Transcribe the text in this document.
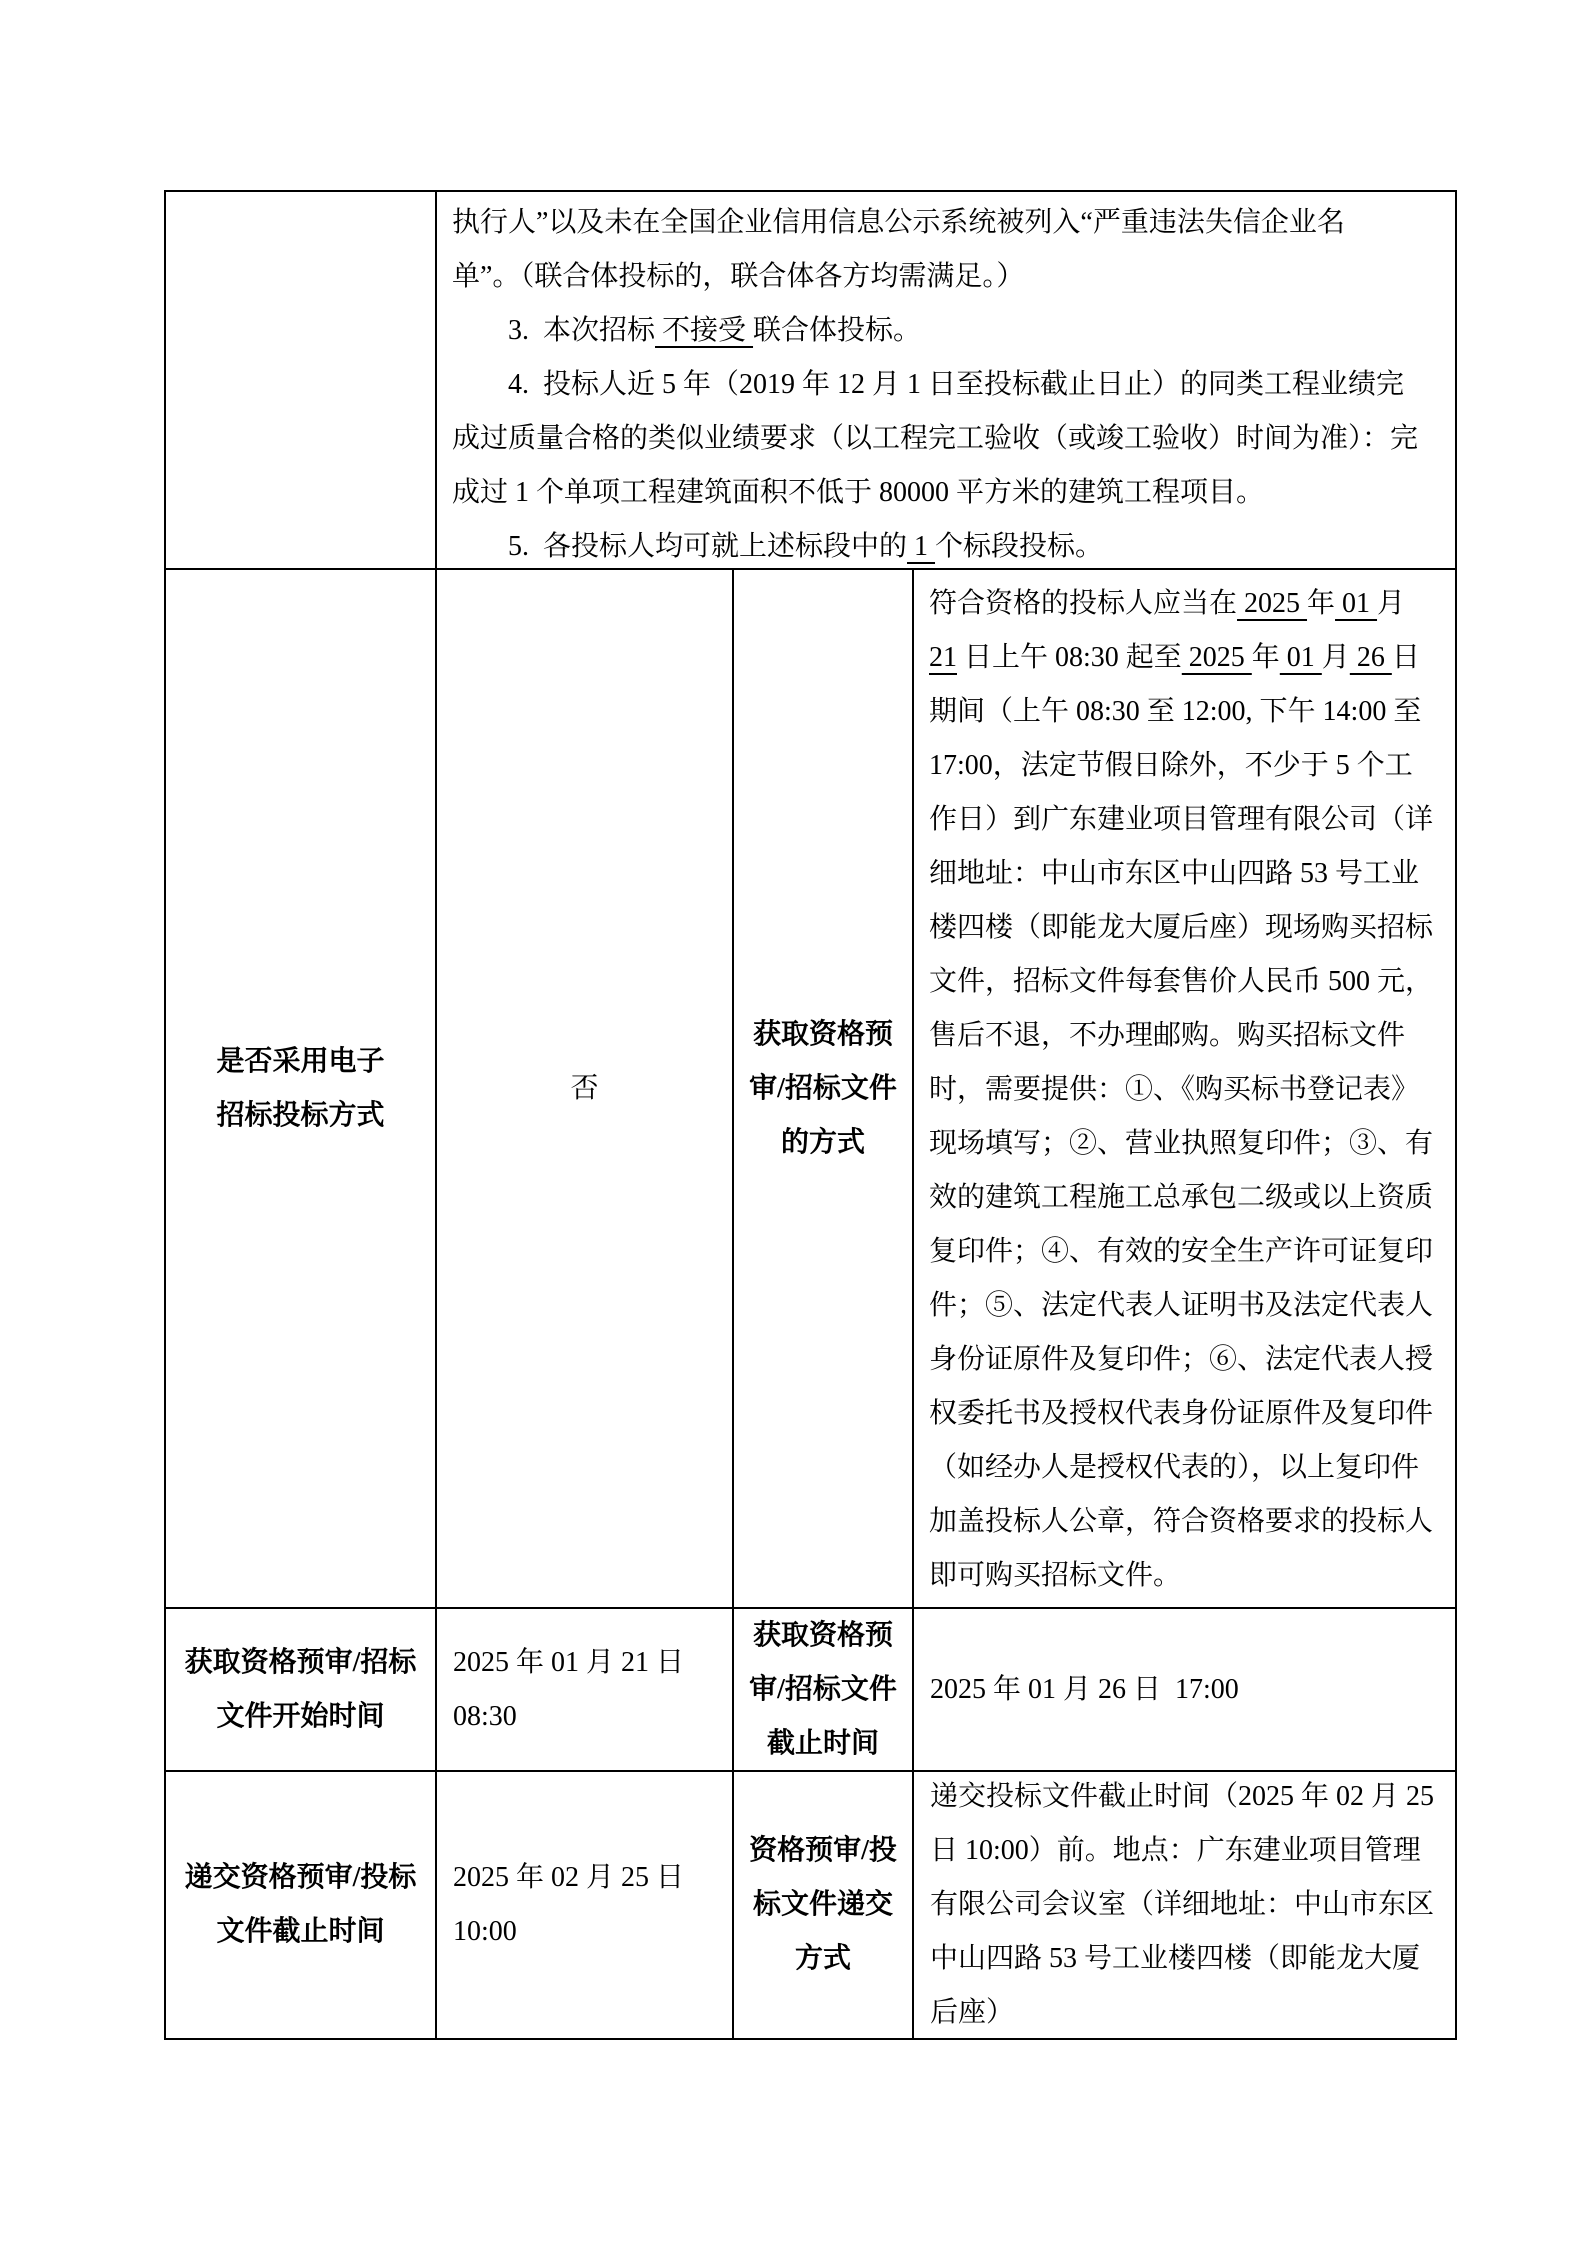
执行人”以及未在全国企业信用信息公示系统被列入“严重违法失信企业名
单”。（联合体投标的，联合体各方均需满足。）
3.  本次招标 不接受 联合体投标。
4.  投标人近 5 年（2019 年 12 月 1 日至投标截止日止）的同类工程业绩完
成过质量合格的类似业绩要求（以工程完工验收（或竣工验收）时间为准）：完
成过 1 个单项工程建筑面积不低于 80000 平方米的建筑工程项目。
5.  各投标人均可就上述标段中的 1 个标段投标。
是否采用电子
招标投标方式
否
获取资格预
审/招标文件
的方式
符合资格的投标人应当在 2025 年 01 月
21 日上午 08:30 起至 2025 年 01 月 26 日
期间（上午 08:30 至 12:00, 下午 14:00 至
17:00，法定节假日除外，不少于 5 个工
作日）到广东建业项目管理有限公司（详
细地址：中山市东区中山四路 53 号工业
楼四楼（即能龙大厦后座）现场购买招标
文件，招标文件每套售价人民币 500 元，
售后不退，不办理邮购。购买招标文件
时，需要提供：①、《购买标书登记表》
现场填写；②、营业执照复印件；③、有
效的建筑工程施工总承包二级或以上资质
复印件；④、有效的安全生产许可证复印
件；⑤、法定代表人证明书及法定代表人
身份证原件及复印件；⑥、法定代表人授
权委托书及授权代表身份证原件及复印件
（如经办人是授权代表的），以上复印件
加盖投标人公章，符合资格要求的投标人
即可购买招标文件。
获取资格预审/招标
文件开始时间
2025 年 01 月 21 日
08:30
获取资格预
审/招标文件
截止时间
2025 年 01 月 26 日  17:00
递交资格预审/投标
文件截止时间
2025 年 02 月 25 日
10:00
资格预审/投
标文件递交
方式
递交投标文件截止时间（2025 年 02 月 25
日 10:00）前。地点：广东建业项目管理
有限公司会议室（详细地址：中山市东区
中山四路 53 号工业楼四楼（即能龙大厦
后座）
